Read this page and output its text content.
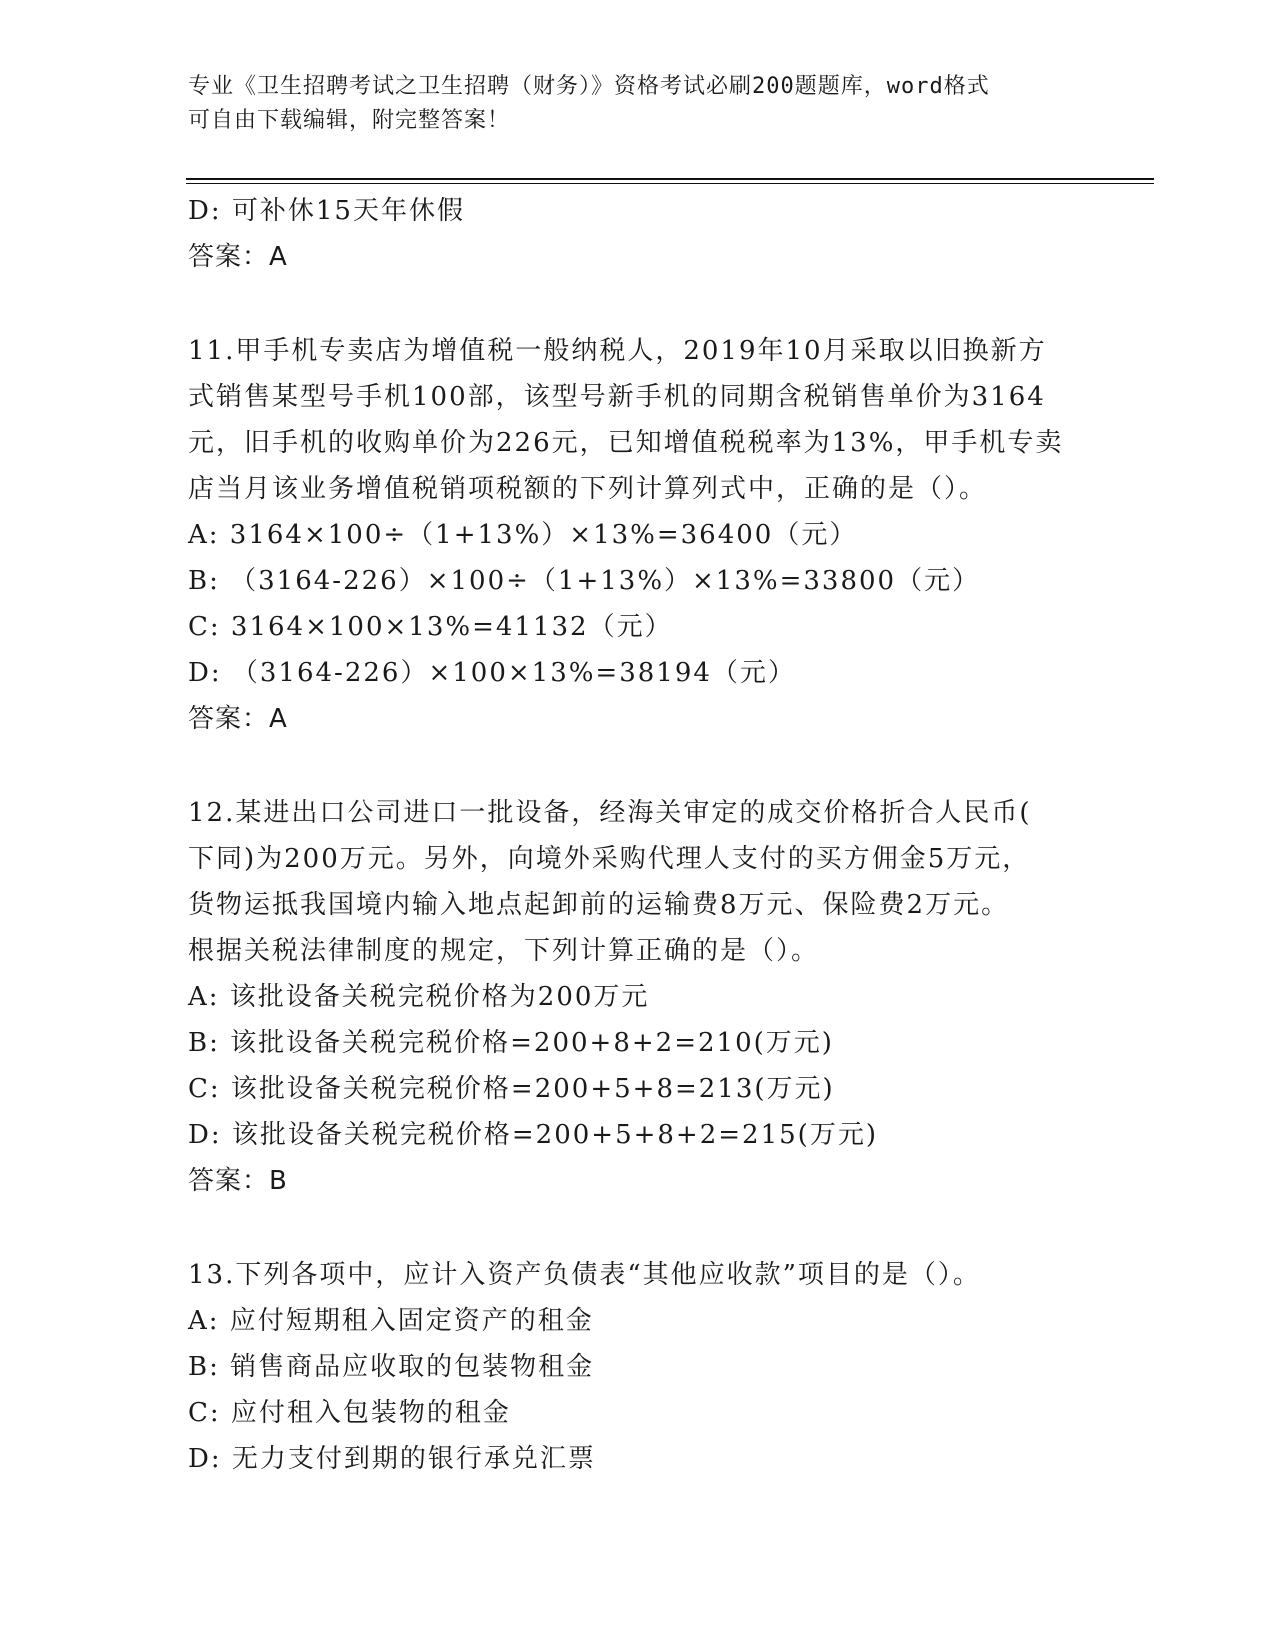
专业《卫生招聘考试之卫生招聘（财务）》资格考试必刷200题题库，word格式
可自由下载编辑，附完整答案！
D: 可补休15天年休假
答案：A
11.甲手机专卖店为增值税一般纳税人，2019年10月采取以旧换新方
式销售某型号手机100部，该型号新手机的同期含税销售单价为3164
元，旧手机的收购单价为226元，已知增值税税率为13%，甲手机专卖
店当月该业务增值税销项税额的下列计算列式中，正确的是（）。
A: 3164×100÷（1+13%）×13%=36400（元）
B: （3164-226）×100÷（1+13%）×13%=33800（元）
C: 3164×100×13%=41132（元）
D: （3164-226）×100×13%=38194（元）
答案：A
12.某进出口公司进口一批设备，经海关审定的成交价格折合人民币(
下同)为200万元。另外，向境外采购代理人支付的买方佣金5万元，
货物运抵我国境内输入地点起卸前的运输费8万元、保险费2万元。
根据关税法律制度的规定，下列计算正确的是（）。
A: 该批设备关税完税价格为200万元
B: 该批设备关税完税价格=200+8+2=210(万元)
C: 该批设备关税完税价格=200+5+8=213(万元)
D: 该批设备关税完税价格=200+5+8+2=215(万元)
答案：B
13.下列各项中，应计入资产负债表“其他应收款”项目的是（）。
A: 应付短期租入固定资产的租金
B: 销售商品应收取的包装物租金
C: 应付租入包装物的租金
D: 无力支付到期的银行承兑汇票
